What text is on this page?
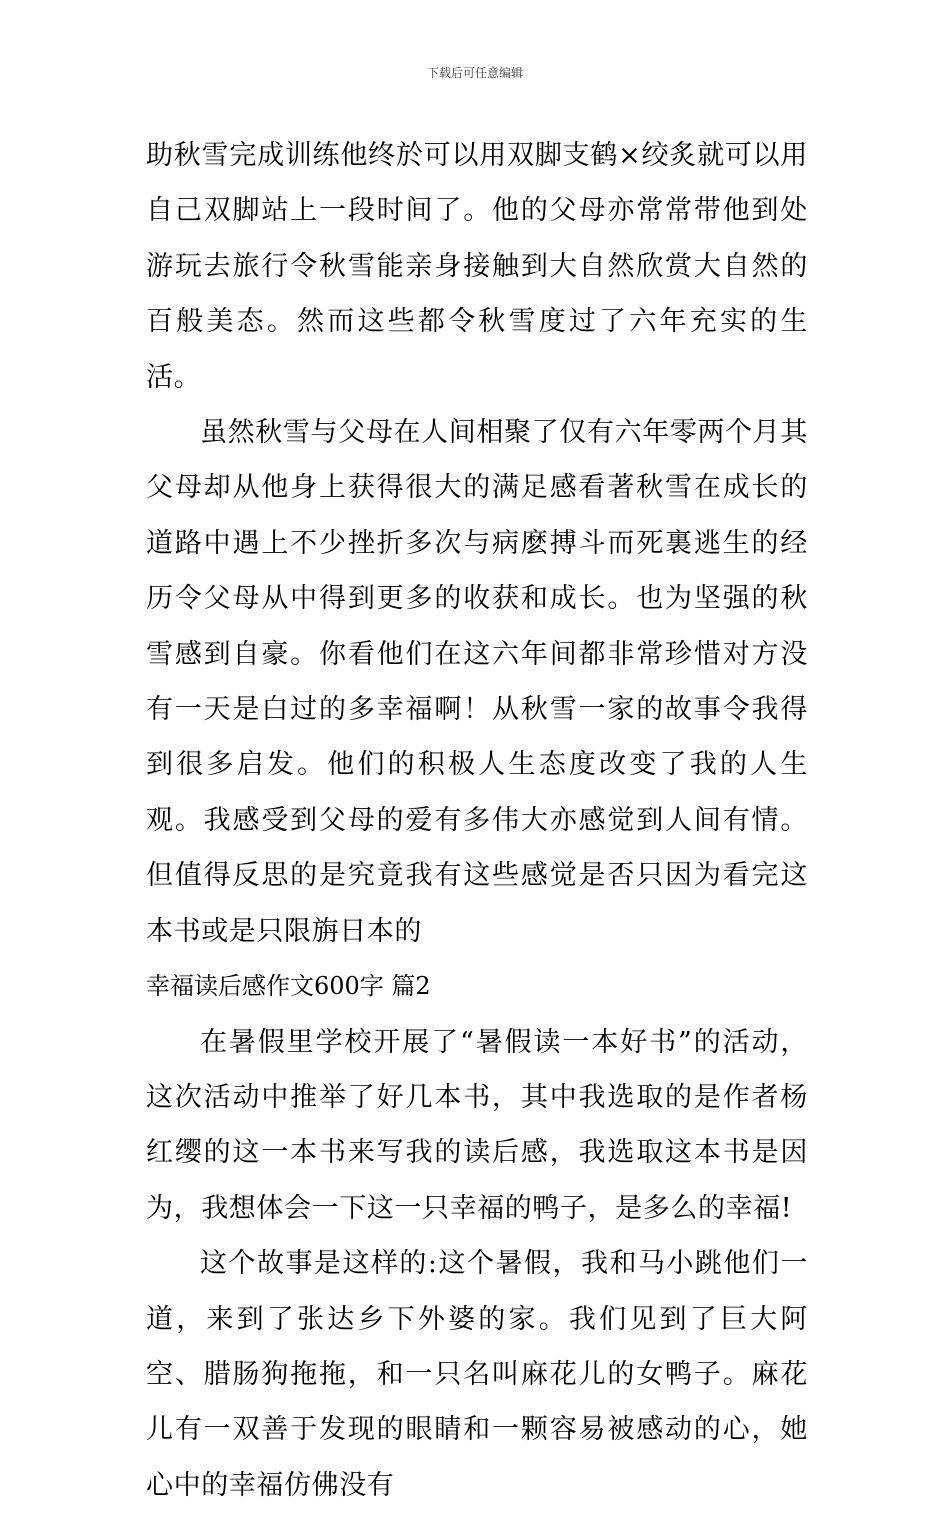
下载后可任意编辑

助秋雪完成训练他终於可以用双脚支鹤×绞炙就可以用自己双脚站上一段时间了。他的父母亦常常带他到处游玩去旅行令秋雪能亲身接触到大自然欣赏大自然的百般美态。然而这些都令秋雪度过了六年充实的生活。

虽然秋雪与父母在人间相聚了仅有六年零两个月其父母却从他身上获得很大的满足感看著秋雪在成长的道路中遇上不少挫折多次与病麽搏斗而死裏逃生的经历令父母从中得到更多的收获和成长。也为坚强的秋雪感到自豪。你看他们在这六年间都非常珍惜对方没有一天是白过的多幸福啊！从秋雪一家的故事令我得到很多启发。他们的积极人生态度改变了我的人生观。我感受到父母的爱有多伟大亦感觉到人间有情。但值得反思的是究竟我有这些感觉是否只因为看完这本书或是只限旃日本的

幸福读后感作文600字 篇2

在暑假里学校开展了“暑假读一本好书”的活动，这次活动中推举了好几本书，其中我选取的是作者杨红缨的这一本书来写我的读后感，我选取这本书是因为，我想体会一下这一只幸福的鸭子，是多么的幸福!

这个故事是这样的:这个暑假，我和马小跳他们一道，来到了张达乡下外婆的家。我们见到了巨大阿空、腊肠狗拖拖，和一只名叫麻花儿的女鸭子。麻花儿有一双善于发现的眼睛和一颗容易被感动的心，她心中的幸福仿佛没有
